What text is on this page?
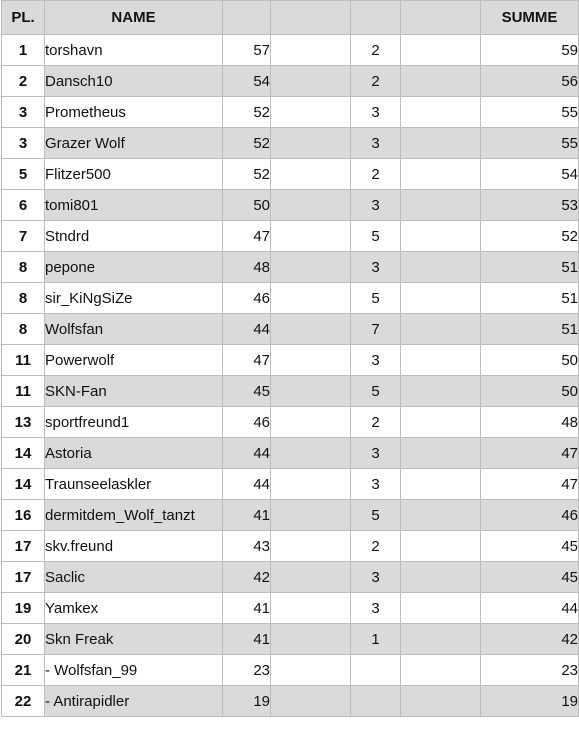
PL.	NAME					SUMME
1	torshavn	57		2		59
2	Dansch10	54		2		56
3	Prometheus	52		3		55
3	Grazer Wolf	52		3		55
5	Flitzer500	52		2		54
6	tomi801	50		3		53
7	Stndrd	47		5		52
8	pepone	48		3		51
8	sir_KiNgSiZe	46		5		51
8	Wolfsfan	44		7		51
11	Powerwolf	47		3		50
11	SKN-Fan	45		5		50
13	sportfreund1	46		2		48
14	Astoria	44		3		47
14	Traunseelaskler	44		3		47
16	dermitdem_Wolf_tanzt	41		5		46
17	skv.freund	43		2		45
17	Saclic	42		3		45
19	Yamkex	41		3		44
20	Skn Freak	41		1		42
21	- Wolfsfan_99	23				23
22	- Antirapidler	19				19
